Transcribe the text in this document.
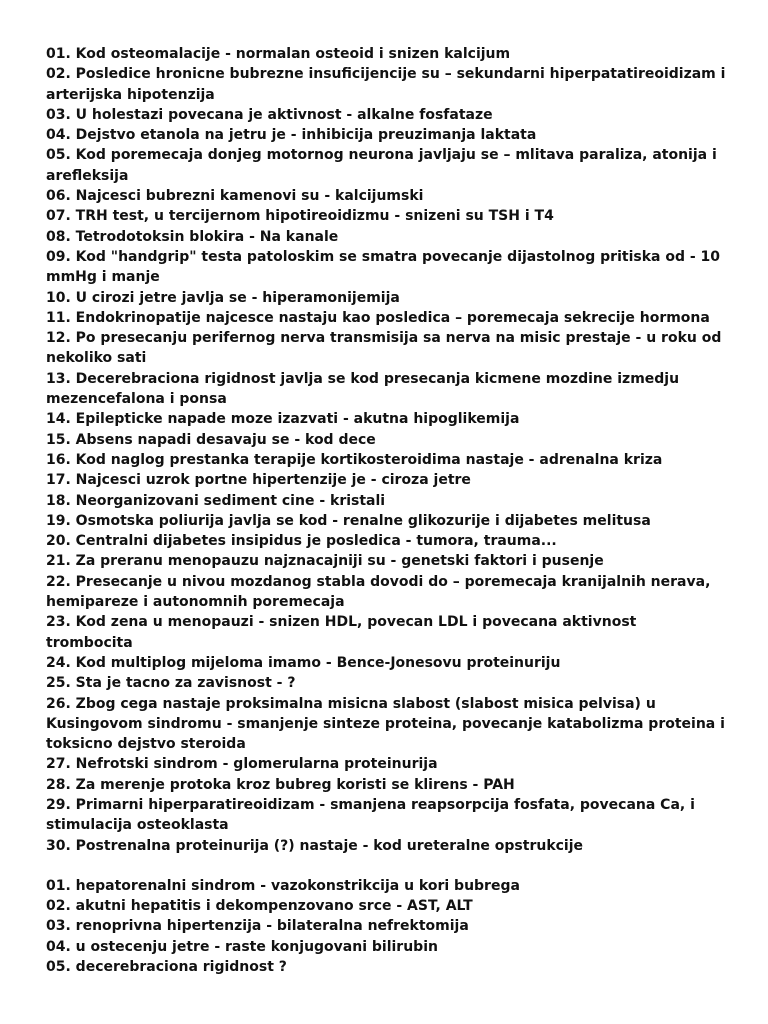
01. Kod osteomalacije - normalan osteoid i snizen kalcijum
02. Posledice hronicne bubrezne insuficijencije su – sekundarni hiperpatatireoidizam i arterijska hipotenzija
03. U holestazi povecana je aktivnost - alkalne fosfataze
04. Dejstvo etanola na jetru je - inhibicija preuzimanja laktata
05. Kod poremecaja donjeg motornog neurona javljaju se – mlitava paraliza, atonija i arefleksija
06. Najcesci bubrezni kamenovi su - kalcijumski
07. TRH test, u tercijernom hipotireoidizmu - snizeni su TSH i T4
08. Tetrodotoksin blokira - Na kanale
09. Kod "handgrip" testa patoloskim se smatra povecanje dijastolnog pritiska od - 10 mmHg i manje
10. U cirozi jetre javlja se - hiperamonijemija
11. Endokrinopatije najcesce nastaju kao posledica – poremecaja sekrecije hormona
12. Po presecanju perifernog nerva transmisija sa nerva na misic prestaje - u roku od nekoliko sati
13. Decerebraciona rigidnost javlja se kod presecanja kicmene mozdine izmedju mezencefalona i ponsa
14. Epilepticke napade moze izazvati - akutna hipoglikemija
15. Absens napadi desavaju se - kod dece
16. Kod naglog prestanka terapije kortikosteroidima nastaje - adrenalna kriza
17. Najcesci uzrok portne hipertenzije je - ciroza jetre
18. Neorganizovani sediment cine - kristali
19. Osmotska poliurija javlja se kod - renalne glikozurije i dijabetes melitusa
20. Centralni dijabetes insipidus je posledica - tumora, trauma...
21. Za preranu menopauzu najznacajniji su - genetski faktori i pusenje
22. Presecanje u nivou mozdanog stabla dovodi do – poremecaja kranijalnih nerava, hemipareze i autonomnih poremecaja
23. Kod zena u menopauzi - snizen HDL, povecan LDL i povecana aktivnost trombocita
24. Kod multiplog mijeloma imamo - Bence-Jonesovu proteinuriju
25. Sta je tacno za zavisnost - ?
26. Zbog cega nastaje proksimalna misicna slabost (slabost misica pelvisa) u Kusingovom sindromu - smanjenje sinteze proteina, povecanje katabolizma proteina i toksicno dejstvo steroida
27. Nefrotski sindrom - glomerularna proteinurija
28. Za merenje protoka kroz bubreg koristi se klirens - PAH
29. Primarni hiperparatireoidizam - smanjena reapsorpcija fosfata, povecana Ca, i stimulacija osteoklasta
30. Postrenalna proteinurija (?) nastaje - kod ureteralne opstrukcije
01. hepatorenalni sindrom - vazokonstrikcija u kori bubrega
02. akutni hepatitis i dekompenzovano srce - AST, ALT
03. renoprivna hipertenzija - bilateralna nefrektomija
04. u ostecenju jetre - raste konjugovani bilirubin
05. decerebraciona rigidnost ?
